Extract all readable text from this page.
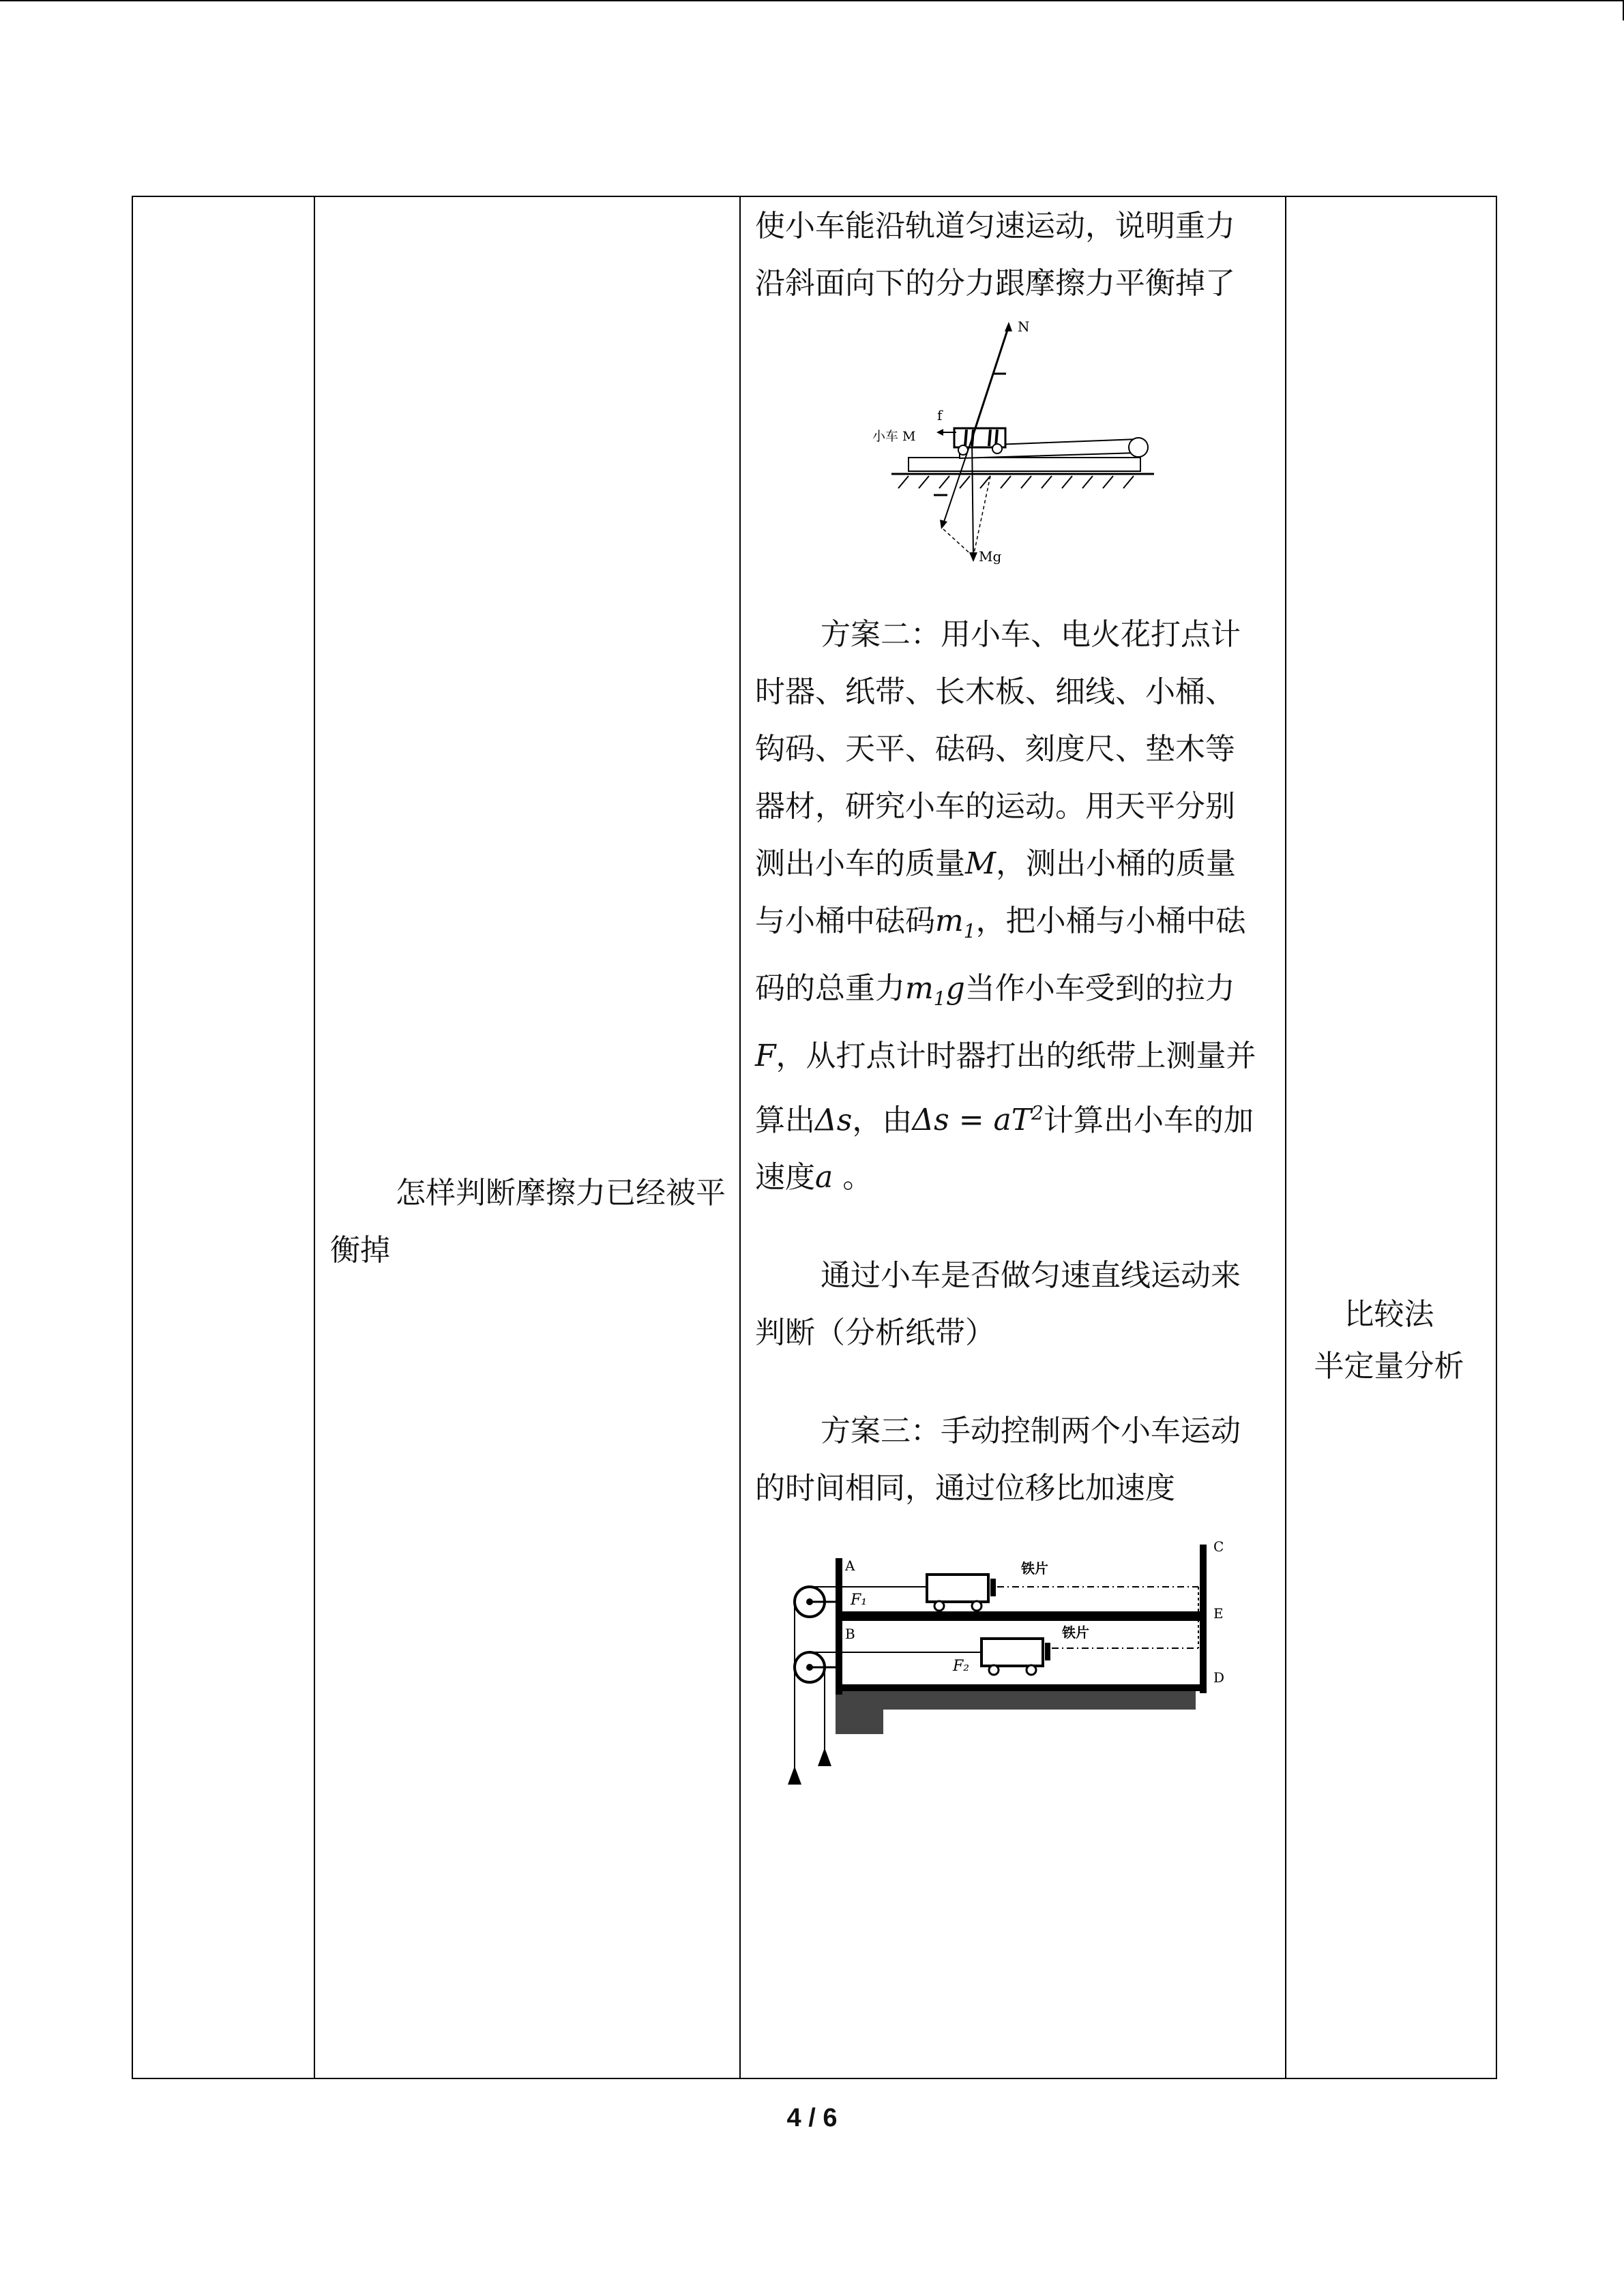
怎样判断摩擦力已经被平衡掉

使小车能沿轨道匀速运动，说明重力沿斜面向下的分力跟摩擦力平衡掉了

N
f
小车 M
Mg

方案二：用小车、电火花打点计时器、纸带、长木板、细线、小桶、钩码、天平、砝码、刻度尺、垫木等器材，研究小车的运动。用天平分别测出小车的质量M，测出小桶的质量与小桶中砝码$m_1$，把小桶与小桶中砝码的总重力$m_1g$当作小车受到的拉力F，从打点计时器打出的纸带上测量并算出Δs，由$\Delta s = aT^2$计算出小车的加速度a 。

通过小车是否做匀速直线运动来判断（分析纸带）

方案三：手动控制两个小车运动的时间相同，通过位移比加速度

A
B
C
D
E
F₁
F₂
铁片
铁片
比较法
半定量分析
4 / 6
